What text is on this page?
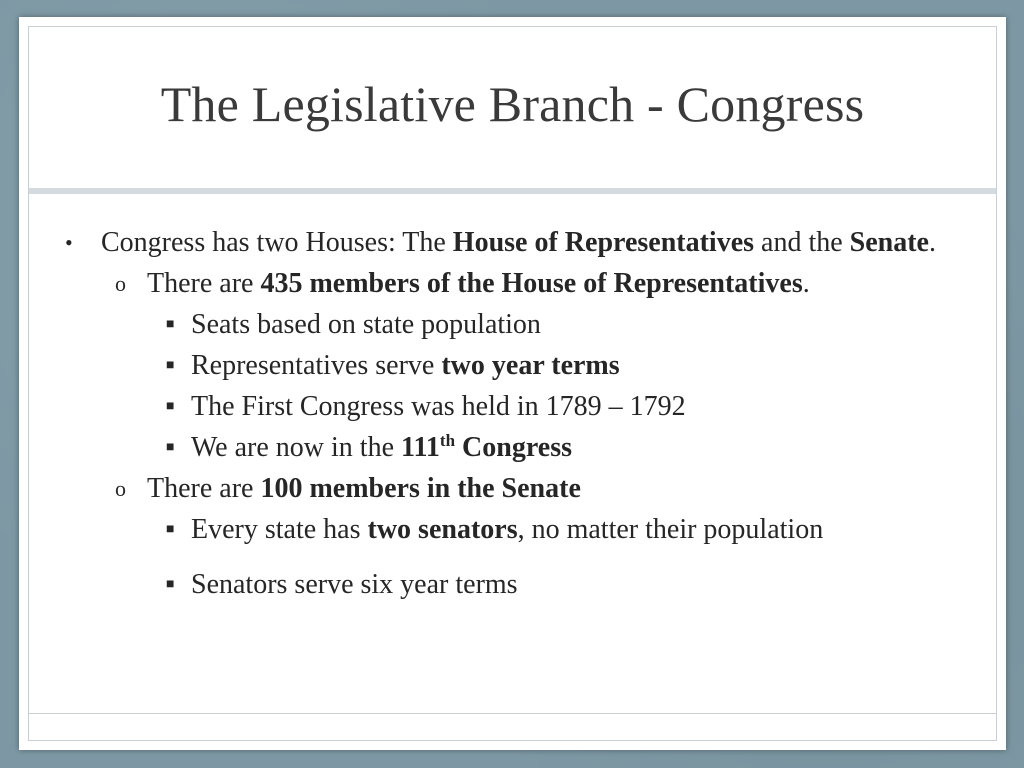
The Legislative Branch - Congress

• Congress has two Houses: The House of Representatives and the Senate.

o There are 435 members of the House of Representatives.

■ Seats based on state population

■ Representatives serve two year terms

■ The First Congress was held in 1789 – 1792

■ We are now in the 111th Congress

o There are 100 members in the Senate

■ Every state has two senators, no matter their population

■ Senators serve six year terms
